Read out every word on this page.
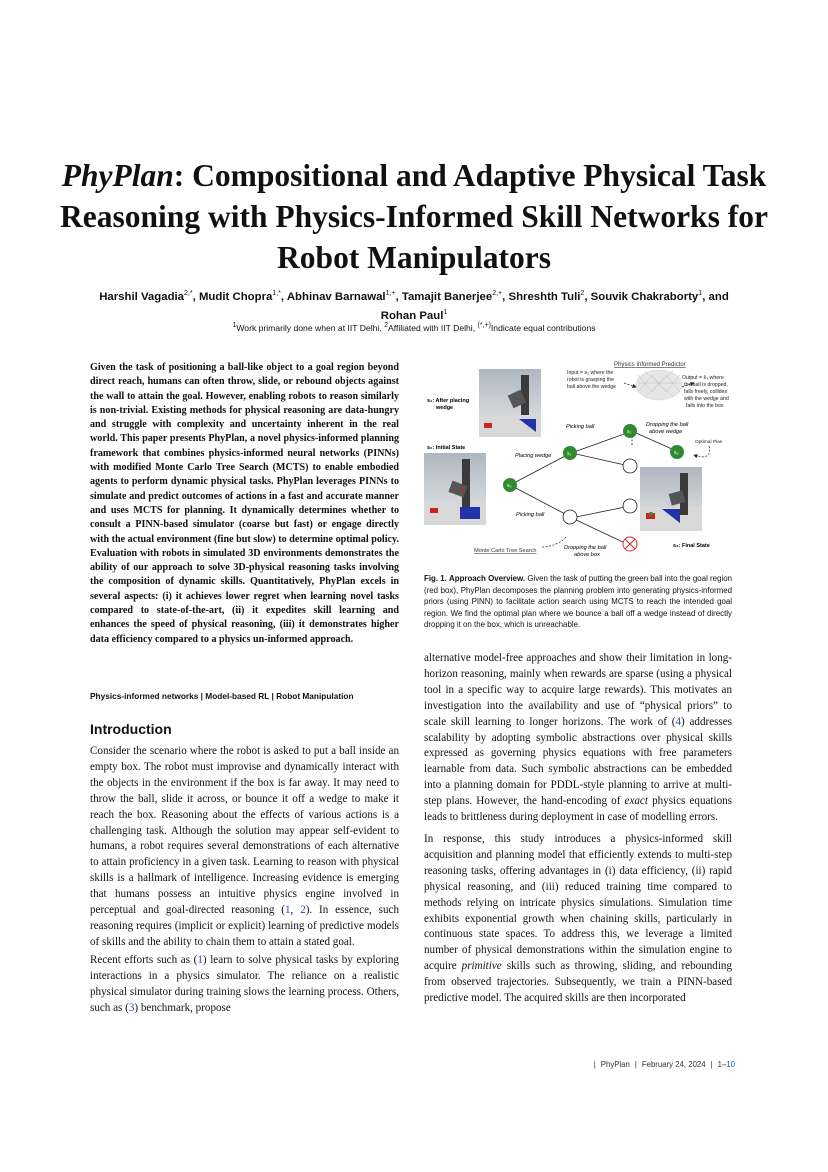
PhyPlan: Compositional and Adaptive Physical Task Reasoning with Physics-Informed Skill Networks for Robot Manipulators
Harshil Vagadia$^{2,*}$, Mudit Chopra$^{1,*}$, Abhinav Barnawal$^{1,+}$, Tamajit Banerjee$^{2,+}$, Shreshth Tuli$^2$, Souvik Chakraborty$^1$, and
Rohan Paul$^1$
$^1$Work primarily done when at IIT Delhi, $^2$Affiliated with IIT Delhi, (*,+)Indicate equal contributions
Given the task of positioning a ball-like object to a goal region beyond direct reach, humans can often throw, slide, or rebound objects against the wall to attain the goal. However, enabling robots to reason similarly is non-trivial. Existing methods for physical reasoning are data-hungry and struggle with complexity and uncertainty inherent in the real world. This paper presents PhyPlan, a novel physics-informed planning framework that combines physics-informed neural networks (PINNs) with modified Monte Carlo Tree Search (MCTS) to enable embodied agents to perform dynamic physical tasks. PhyPlan leverages PINNs to simulate and predict outcomes of actions in a fast and accurate manner and uses MCTS for planning. It dynamically determines whether to consult a PINN-based simulator (coarse but fast) or engage directly with the actual environment (fine but slow) to determine optimal policy. Evaluation with robots in simulated 3D environments demonstrates the ability of our approach to solve 3D-physical reasoning tasks involving the composition of dynamic skills. Quantitatively, PhyPlan excels in several aspects: (i) it achieves lower regret when learning novel tasks compared to state-of-the-art, (ii) it expedites skill learning and enhances the speed of physical reasoning, (iii) it demonstrates higher data efficiency compared to a physics un-informed approach.
Physics-informed networks | Model-based RL | Robot Manipulation
Introduction

Consider the scenario where the robot is asked to put a ball inside an empty box. The robot must improvise and dynamically interact with the objects in the environment if the box is far away. It may need to throw the ball, slide it across, or bounce it off a wedge to make it reach the box. Reasoning about the effects of various actions is a challenging task. Although the solution may appear self-evident to humans, a robot requires several demonstrations of each alternative to attain proficiency in a given task. Learning to reason with physical skills is a hallmark of intelligence. Increasing evidence is emerging that humans possess an intuitive physics engine involved in perceptual and goal-directed reasoning (1, 2). In essence, such reasoning requires (implicit or explicit) learning of predictive models of skills and the ability to chain them to attain a stated goal.

Recent efforts such as (1) learn to solve physical tasks by exploring interactions in a physics simulator. The reliance on a realistic physical simulator during training slows the learning process. Others, such as (3) benchmark, propose

Physics Informed Predictor
s₁: After placing wedge
Input = s₂ where the robot is grasping the ball above the wedge
Output = ŝ₃ where the ball is dropped, falls freely, collides with the wedge and falls into the box
s₀: Initial State
s₃: Final State
Placing wedge
Picking ball
Picking ball
Dropping the ball above wedge
Dropping the ball above box
Optimal Plan
Monte Carlo Tree Search
s₀
s₁
s₂
s₃
Fig. 1. Approach Overview. Given the task of putting the green ball into the goal region (red box), PhyPlan decomposes the planning problem into generating physics-informed priors (using PINN) to facilitate action search using MCTS to reach the intended goal region. We find the optimal plan where we bounce a ball off a wedge instead of directly dropping it on the box, which is unreachable.

alternative model-free approaches and show their limitation in long-horizon reasoning, mainly when rewards are sparse (using a physical tool in a specific way to acquire large rewards). This motivates an investigation into the availability and use of “physical priors” to scale skill learning to longer horizons. The work of (4) addresses scalability by adopting symbolic abstractions over physical skills expressed as governing physics equations with free parameters learnable from data. Such symbolic abstractions can be embedded into a planning domain for PDDL-style planning to arrive at multi-step plans. However, the hand-encoding of exact physics equations leads to brittleness during deployment in case of modelling errors.

In response, this study introduces a physics-informed skill acquisition and planning model that efficiently extends to multi-step reasoning tasks, offering advantages in (i) data efficiency, (ii) rapid physical reasoning, and (iii) reduced training time compared to methods relying on intricate physics simulations. Simulation time exhibits exponential growth when chaining skills, particularly in continuous state spaces. To address this, we leverage a limited number of physical demonstrations within the simulation engine to acquire primitive skills such as throwing, sliding, and rebounding from observed trajectories. Subsequently, we train a PINN-based predictive model. The acquired skills are then incorporated

| PhyPlan | February 24, 2024 | 1–10
